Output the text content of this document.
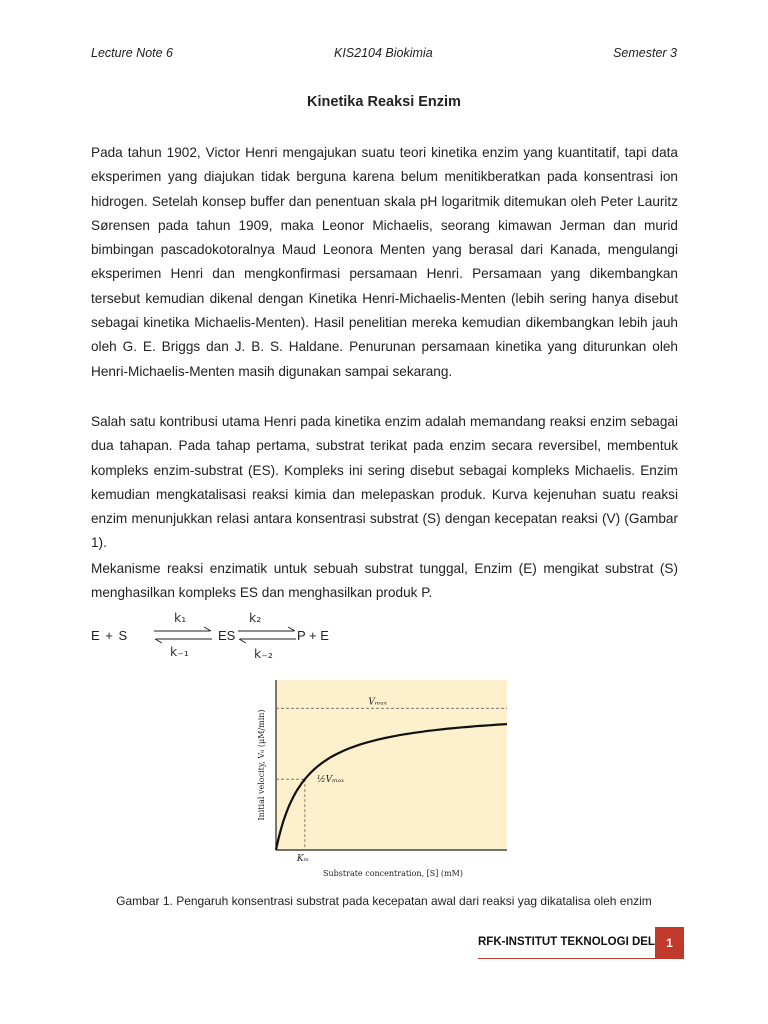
Lecture Note 6	KIS2104 Biokimia	Semester 3
Kinetika Reaksi Enzim

Pada tahun 1902, Victor Henri mengajukan suatu teori kinetika enzim yang kuantitatif, tapi data eksperimen yang diajukan tidak berguna karena belum menitikberatkan pada konsentrasi ion hidrogen. Setelah konsep buffer dan penentuan skala pH logaritmik ditemukan oleh Peter Lauritz Sørensen pada tahun 1909, maka Leonor Michaelis, seorang kimawan Jerman dan murid bimbingan pascadokotoralnya Maud Leonora Menten yang berasal dari Kanada, mengulangi eksperimen Henri dan mengkonfirmasi persamaan Henri. Persamaan yang dikembangkan tersebut kemudian dikenal dengan Kinetika Henri-Michaelis-Menten (lebih sering hanya disebut sebagai kinetika Michaelis-Menten). Hasil penelitian mereka kemudian dikembangkan lebih jauh oleh G. E. Briggs dan J. B. S. Haldane. Penurunan persamaan kinetika yang diturunkan oleh Henri-Michaelis-Menten masih digunakan sampai sekarang.

Salah satu kontribusi utama Henri pada kinetika enzim adalah memandang reaksi enzim sebagai dua tahapan. Pada tahap pertama, substrat terikat pada enzim secara reversibel, membentuk kompleks enzim-substrat (ES). Kompleks ini sering disebut sebagai kompleks Michaelis. Enzim kemudian mengkatalisasi reaksi kimia dan melepaskan produk. Kurva kejenuhan suatu reaksi enzim menunjukkan relasi antara konsentrasi substrat (S) dengan kecepatan reaksi (V) (Gambar 1).

Mekanisme reaksi enzimatik untuk sebuah substrat tunggal, Enzim (E) mengikat substrat (S) menghasilkan kompleks ES dan menghasilkan produk P.

E + S
k₁
k₋₁
⇌ ES
k₂
k₋₂
⇌ P + E
Vₘₐₓ
½Vₘₐₓ
Kₘ
Substrate concentration, [S] (mM)
Initial velocity, V₀ (μM/min)

Gambar 1. Pengaruh konsentrasi substrat pada kecepatan awal dari reaksi yag dikatalisa oleh enzim

RFK-INSTITUT TEKNOLOGI DEL 1
